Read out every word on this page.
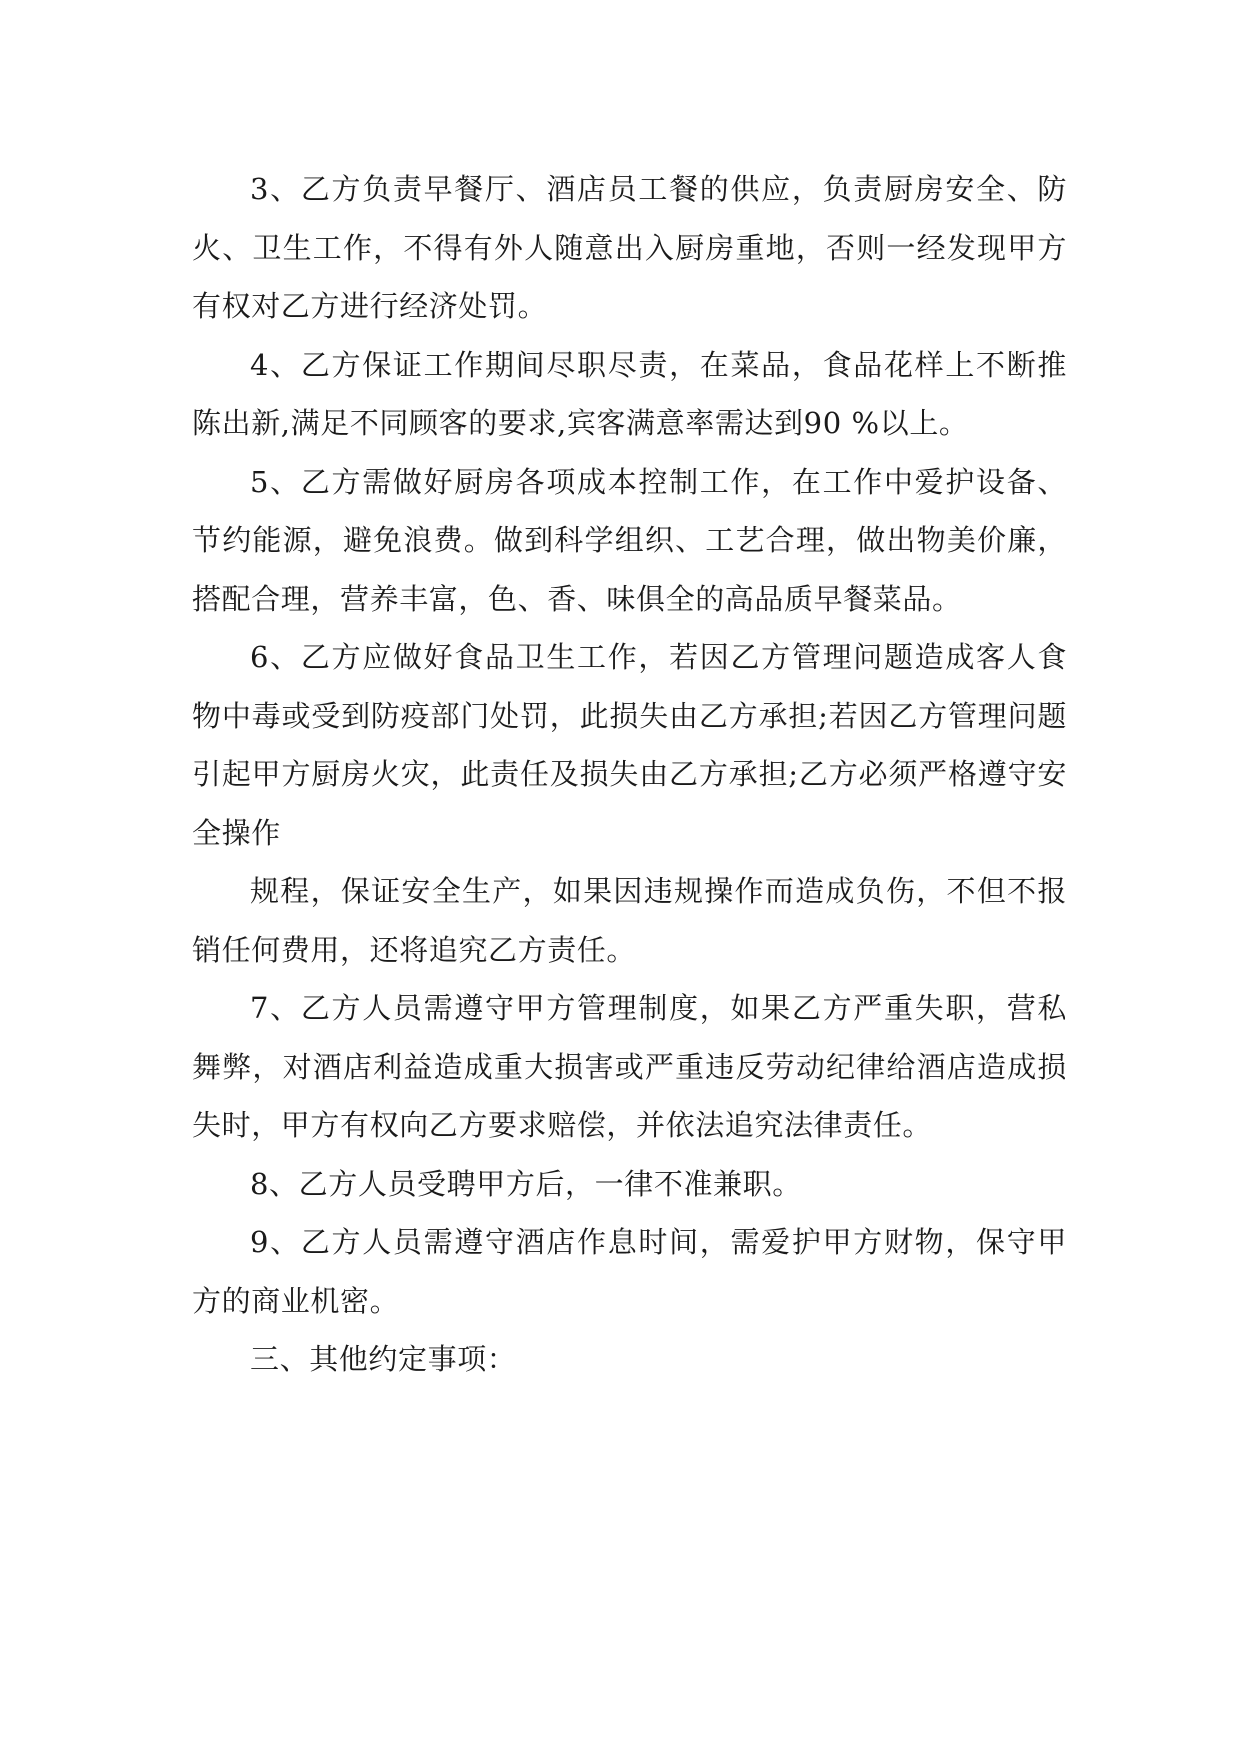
3、乙方负责早餐厅、酒店员工餐的供应，负责厨房安全、防火、卫生工作，不得有外人随意出入厨房重地，否则一经发现甲方有权对乙方进行经济处罚。

4、乙方保证工作期间尽职尽责，在菜品，食品花样上不断推陈出新,满足不同顾客的要求,宾客满意率需达到90 %以上。

5、乙方需做好厨房各项成本控制工作，在工作中爱护设备、节约能源，避免浪费。做到科学组织、工艺合理，做出物美价廉，搭配合理，营养丰富，色、香、味俱全的高品质早餐菜品。

6、乙方应做好食品卫生工作，若因乙方管理问题造成客人食物中毒或受到防疫部门处罚，此损失由乙方承担;若因乙方管理问题引起甲方厨房火灾，此责任及损失由乙方承担;乙方必须严格遵守安全操作

规程，保证安全生产，如果因违规操作而造成负伤，不但不报销任何费用，还将追究乙方责任。

7、乙方人员需遵守甲方管理制度，如果乙方严重失职，营私舞弊，对酒店利益造成重大损害或严重违反劳动纪律给酒店造成损失时，甲方有权向乙方要求赔偿，并依法追究法律责任。

8、乙方人员受聘甲方后，一律不准兼职。

9、乙方人员需遵守酒店作息时间，需爱护甲方财物，保守甲方的商业机密。

三、其他约定事项：
